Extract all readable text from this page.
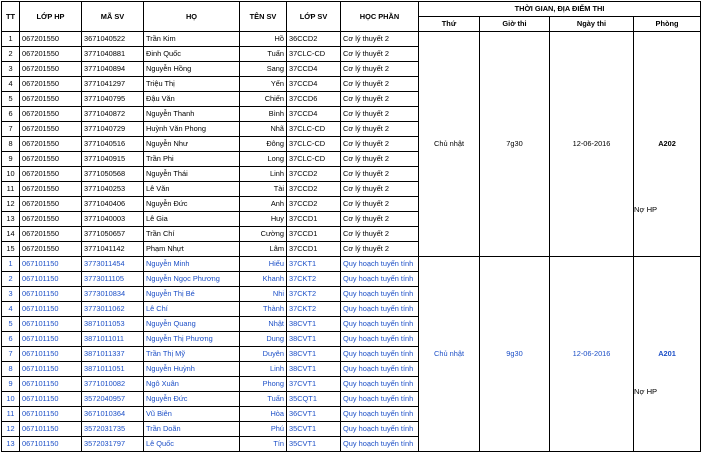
TT	LỚP HP	MÃ SV	HỌ	TÊN SV	LỚP SV	HỌC PHẦN	THỜI GIAN, ĐỊA ĐIỂM THI			
							Thứ	Giờ thi	Ngày thi	Phòng
1	067201550	3671040522	Trần Kim	Hồ	36CCD2	Cơ lý thuyết 2	Chủ nhật	7g30	12-06-2016	A202
2	067201550	3771040881	Đinh Quốc	Tuấn	37CLC-CD	Cơ lý thuyết 2				
3	067201550	3771040894	Nguyễn Hồng	Sang	37CCD4	Cơ lý thuyết 2				
4	067201550	3771041297	Triệu Thị	Yến	37CCD4	Cơ lý thuyết 2				
5	067201550	3771040795	Đậu Văn	Chiến	37CCD6	Cơ lý thuyết 2				
6	067201550	3771040872	Nguyễn Thanh	Bình	37CCD4	Cơ lý thuyết 2				
7	067201550	3771040729	Huỳnh Văn Phong	Nhã	37CLC-CD	Cơ lý thuyết 2				
8	067201550	3771040516	Nguyễn Như	Đông	37CLC-CD	Cơ lý thuyết 2				
9	067201550	3771040915	Trần Phi	Long	37CLC-CD	Cơ lý thuyết 2				
10	067201550	3771050568	Nguyễn Thái	Linh	37CCD2	Cơ lý thuyết 2				
11	067201550	3771040253	Lê Văn	Tài	37CCD2	Cơ lý thuyết 2				
12	067201550	3771040406	Nguyễn Đức	Anh	37CCD2	Cơ lý thuyết 2				
13	067201550	3771040003	Lê Gia	Huy	37CCD1	Cơ lý thuyết 2				
14	067201550	3771050657	Trần Chí	Cường	37CCD1	Cơ lý thuyết 2				
15	067201550	3771041142	Phạm Nhựt	Lâm	37CCD1	Cơ lý thuyết 2				
1	067101150	3773011454	Nguyễn Minh	Hiếu	37CKT1	Quy hoạch tuyến tính	Chủ nhật	9g30	12-06-2016	A201
2	067101150	3773011105	Nguyễn Ngọc Phương	Khanh	37CKT2	Quy hoạch tuyến tính				
3	067101150	3773010834	Nguyễn Thị Bé	Nhi	37CKT2	Quy hoạch tuyến tính				
4	067101150	3773011062	Lê Chí	Thành	37CKT2	Quy hoạch tuyến tính				
5	067101150	3871011053	Nguyễn Quang	Nhật	38CVT1	Quy hoạch tuyến tính				
6	067101150	3871011011	Nguyễn Thị Phương	Dung	38CVT1	Quy hoạch tuyến tính				
7	067101150	3871011337	Trần Thị Mỹ	Duyên	38CVT1	Quy hoạch tuyến tính				
8	067101150	3871011051	Nguyễn Huỳnh	Linh	38CVT1	Quy hoạch tuyến tính				
9	067101150	3771010082	Ngô Xuân	Phong	37CVT1	Quy hoạch tuyến tính				
10	067101150	3572040957	Nguyễn Đức	Tuấn	35CQT1	Quy hoạch tuyến tính				
11	067101150	3671010364	Vũ Biên	Hòa	36CVT1	Quy hoạch tuyến tính				
12	067101150	3572031735	Trần Doãn	Phú	35CVT1	Quy hoạch tuyến tính				
13	067101150	3572031797	Lê Quốc	Tín	35CVT1	Quy hoạch tuyến tính				
Nợ HP
Nợ HP
